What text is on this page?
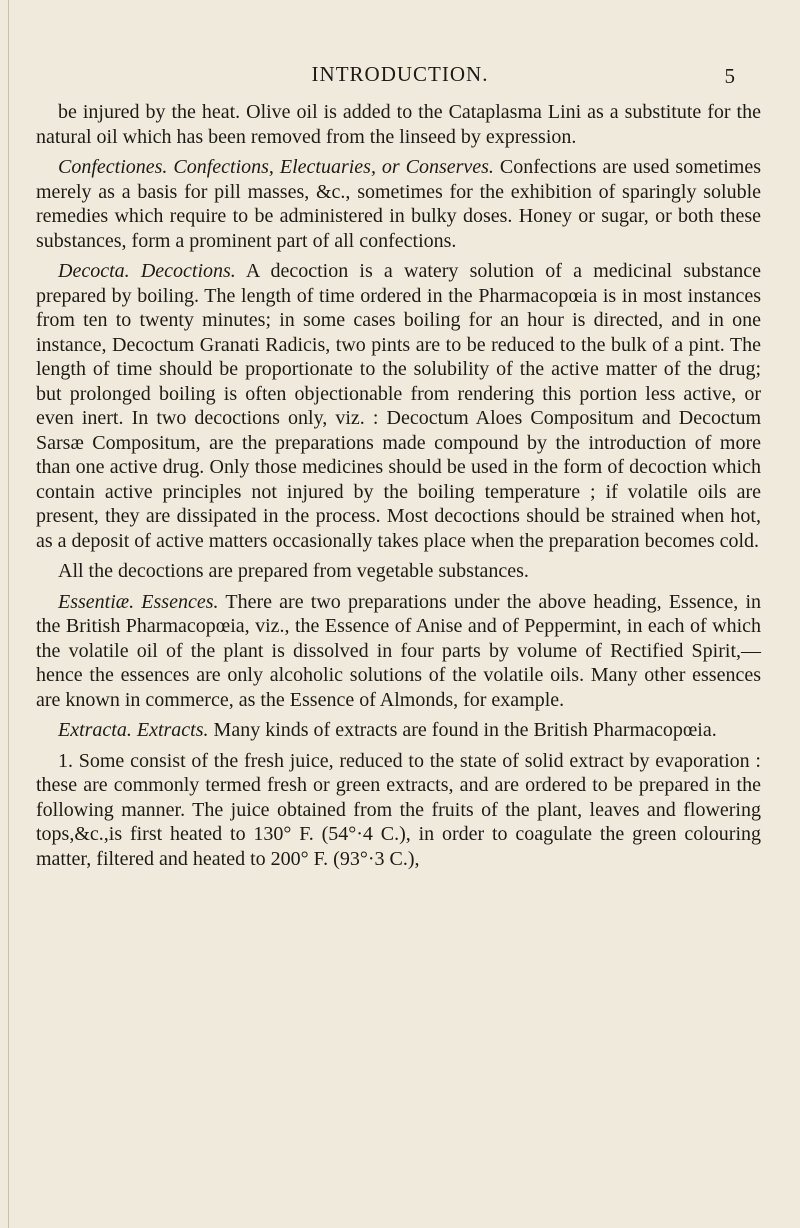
INTRODUCTION.	5

be injured by the heat. Olive oil is added to the Cataplasma Lini as a substitute for the natural oil which has been removed from the linseed by expression.

Confectiones. Confections, Electuaries, or Conserves. Confections are used sometimes merely as a basis for pill masses, &c., sometimes for the exhibition of sparingly soluble remedies which require to be administered in bulky doses. Honey or sugar, or both these substances, form a prominent part of all confections.

Decocta. Decoctions. A decoction is a watery solution of a medicinal substance prepared by boiling. The length of time ordered in the Pharmacopœia is in most instances from ten to twenty minutes; in some cases boiling for an hour is directed, and in one instance, Decoctum Granati Radicis, two pints are to be reduced to the bulk of a pint. The length of time should be proportionate to the solubility of the active matter of the drug; but prolonged boiling is often objectionable from rendering this portion less active, or even inert. In two decoctions only, viz. : Decoctum Aloes Compositum and Decoctum Sarsæ Compositum, are the preparations made compound by the introduction of more than one active drug. Only those medicines should be used in the form of decoction which contain active principles not injured by the boiling temperature ; if volatile oils are present, they are dissipated in the process. Most decoctions should be strained when hot, as a deposit of active matters occasionally takes place when the preparation becomes cold.

All the decoctions are prepared from vegetable substances.

Essentiæ. Essences. There are two preparations under the above heading, Essence, in the British Pharmacopœia, viz., the Essence of Anise and of Peppermint, in each of which the volatile oil of the plant is dissolved in four parts by volume of Rectified Spirit,— hence the essences are only alcoholic solutions of the volatile oils. Many other essences are known in commerce, as the Essence of Almonds, for example.

Extracta. Extracts. Many kinds of extracts are found in the British Pharmacopœia.

1. Some consist of the fresh juice, reduced to the state of solid extract by evaporation : these are commonly termed fresh or green extracts, and are ordered to be prepared in the following manner. The juice obtained from the fruits of the plant, leaves and flowering tops,&c.,is first heated to 130° F. (54°·4 C.), in order to coagulate the green colouring matter, filtered and heated to 200° F. (93°·3 C.),
